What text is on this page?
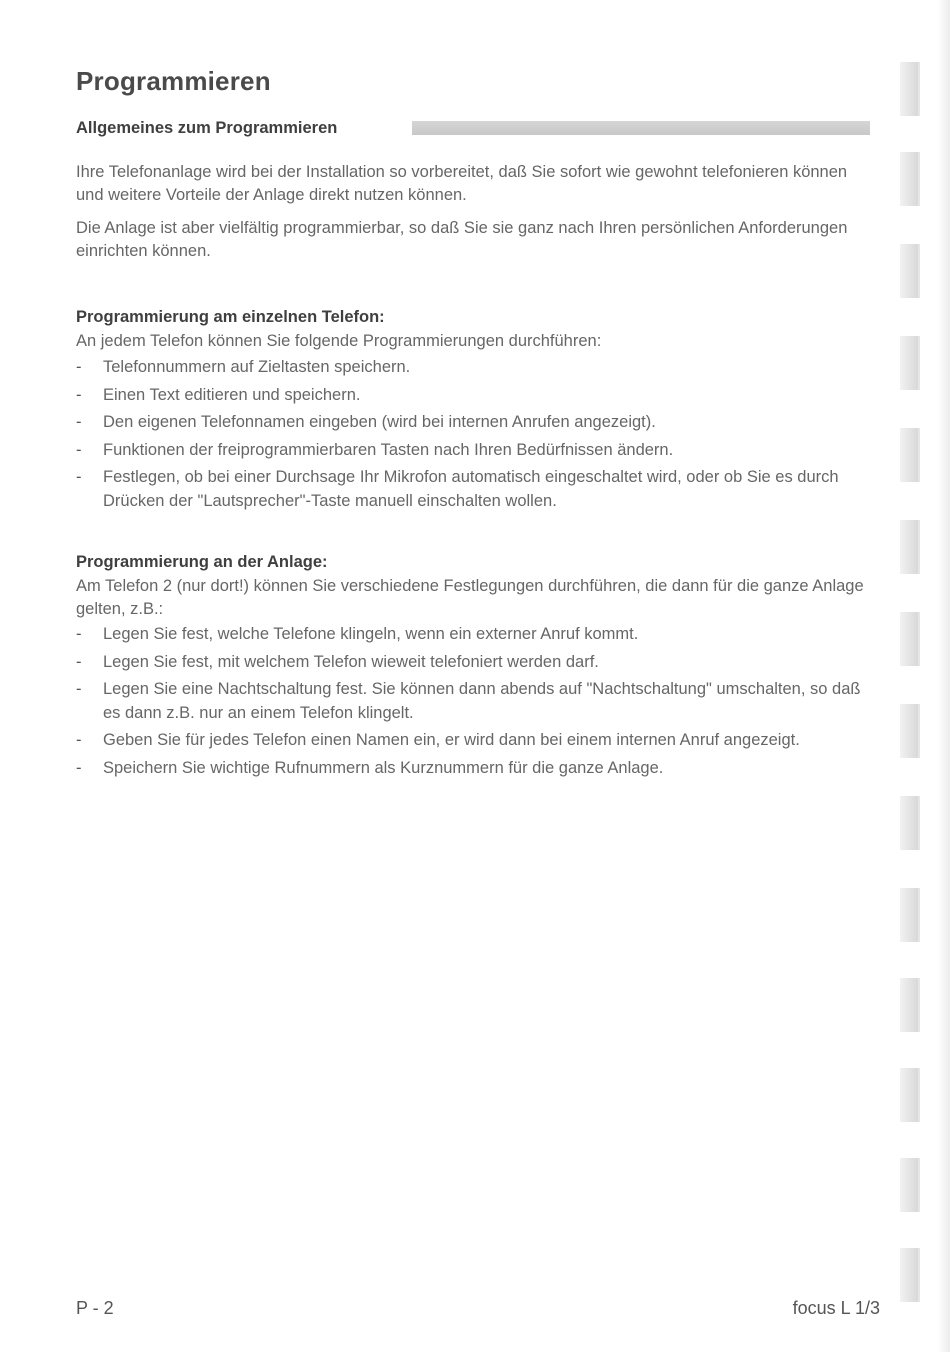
Programmieren
Allgemeines zum Programmieren
Ihre Telefonanlage wird bei der Installation so vorbereitet, daß Sie sofort wie gewohnt telefonieren können und weitere Vorteile der Anlage direkt nutzen können.
Die Anlage ist aber vielfältig programmierbar, so daß Sie sie ganz nach Ihren persönlichen Anforderungen einrichten können.
Programmierung am einzelnen Telefon:
An jedem Telefon können Sie folgende Programmierungen durchführen:
- Telefonnummern auf Zieltasten speichern.
- Einen Text editieren und speichern.
- Den eigenen Telefonnamen eingeben (wird bei internen Anrufen angezeigt).
- Funktionen der freiprogrammierbaren Tasten nach Ihren Bedürfnissen ändern.
- Festlegen, ob bei einer Durchsage Ihr Mikrofon automatisch eingeschaltet wird, oder ob Sie es durch Drücken der "Lautsprecher"-Taste manuell einschalten wollen.
Programmierung an der Anlage:
Am Telefon 2 (nur dort!) können Sie verschiedene Festlegungen durchführen, die dann für die ganze Anlage gelten, z.B.:
- Legen Sie fest, welche Telefone klingeln, wenn ein externer Anruf kommt.
- Legen Sie fest, mit welchem Telefon wieweit telefoniert werden darf.
- Legen Sie eine Nachtschaltung fest. Sie können dann abends auf "Nachtschaltung" umschalten, so daß es dann z.B. nur an einem Telefon klingelt.
- Geben Sie für jedes Telefon einen Namen ein, er wird dann bei einem internen Anruf angezeigt.
- Speichern Sie wichtige Rufnummern als Kurznummern für die ganze Anlage.
P - 2	focus L 1/3
